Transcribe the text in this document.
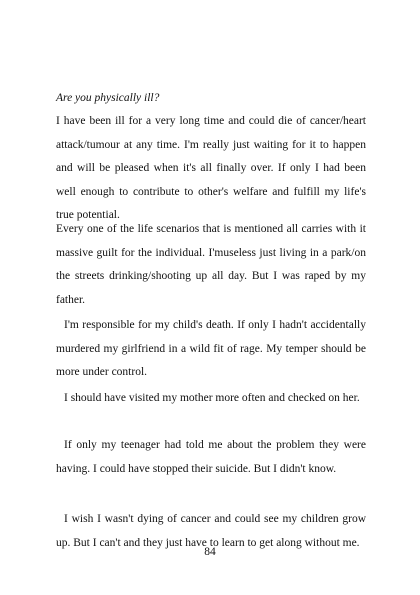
Are you physically ill?

I have been ill for a very long time and could die of cancer/heart attack/tumour at any time. I'm really just waiting for it to happen and will be pleased when it's all finally over. If only I had been well enough to contribute to other's welfare and fulfill my life's true potential.

Every one of the life scenarios that is mentioned all carries with it massive guilt for the individual. I'museless just living in a park/on the streets drinking/shooting up all day. But I was raped by my father.

I'm responsible for my child's death. If only I hadn't accidentally murdered my girlfriend in a wild fit of rage. My temper should be more under control.

I should have visited my mother more often and checked on her.

If only my teenager had told me about the problem they were having. I could have stopped their suicide. But I didn't know.

I wish I wasn't dying of cancer and could see my children grow up. But I can't and they just have to learn to get along without me.

84
